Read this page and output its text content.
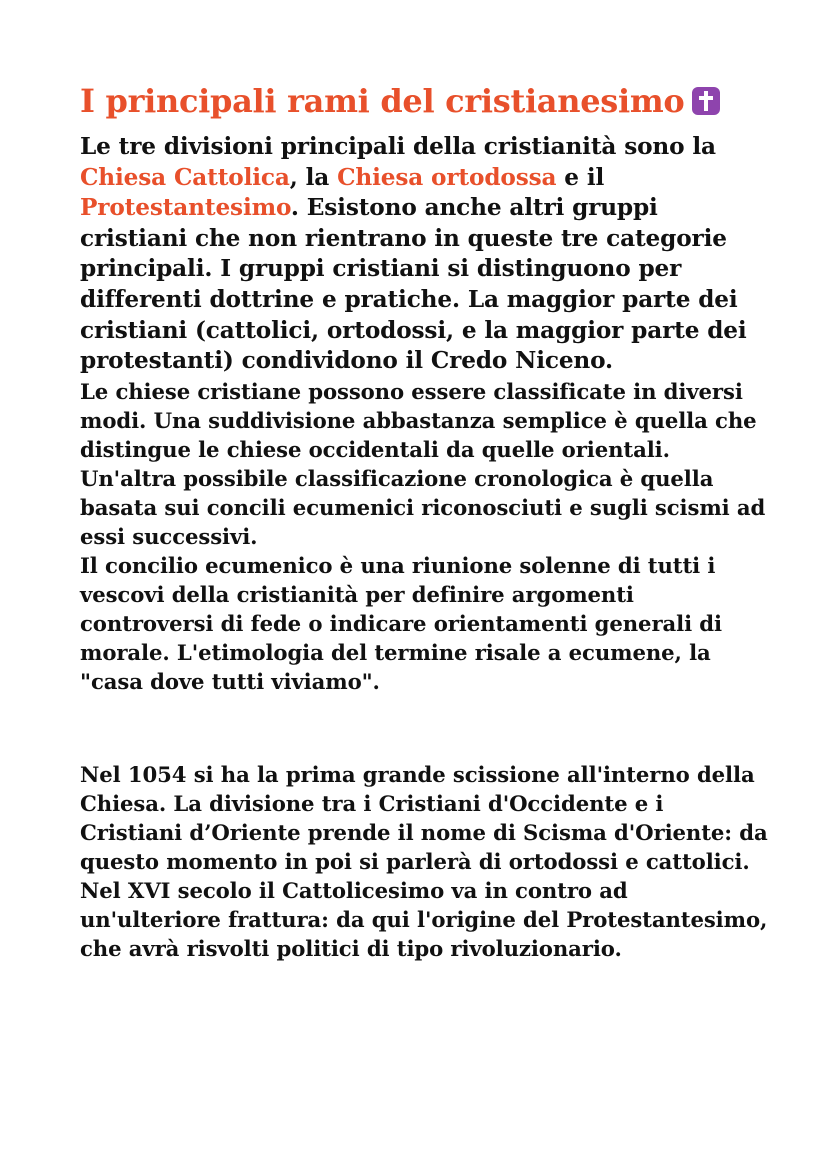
I principali rami del cristianesimo

Le tre divisioni principali della cristianità sono la Chiesa Cattolica, la Chiesa ortodossa e il Protestantesimo. Esistono anche altri gruppi cristiani che non rientrano in queste tre categorie principali. I gruppi cristiani si distinguono per differenti dottrine e pratiche. La maggior parte dei cristiani (cattolici, ortodossi, e la maggior parte dei protestanti) condividono il Credo Niceno.

Le chiese cristiane possono essere classificate in diversi modi. Una suddivisione abbastanza semplice è quella che distingue le chiese occidentali da quelle orientali. Un'altra possibile classificazione cronologica è quella basata sui concili ecumenici riconosciuti e sugli scismi ad essi successivi.

Il concilio ecumenico è una riunione solenne di tutti i vescovi della cristianità per definire argomenti controversi di fede o indicare orientamenti generali di morale. L'etimologia del termine risale a ecumene, la "casa dove tutti viviamo".

Nel 1054 si ha la prima grande scissione all'interno della Chiesa. La divisione tra i Cristiani d'Occidente e i Cristiani d’Oriente prende il nome di Scisma d'Oriente: da questo momento in poi si parlerà di ortodossi e cattolici.

Nel XVI secolo il Cattolicesimo va in contro ad un'ulteriore frattura: da qui l'origine del Protestantesimo, che avrà risvolti politici di tipo rivoluzionario.
